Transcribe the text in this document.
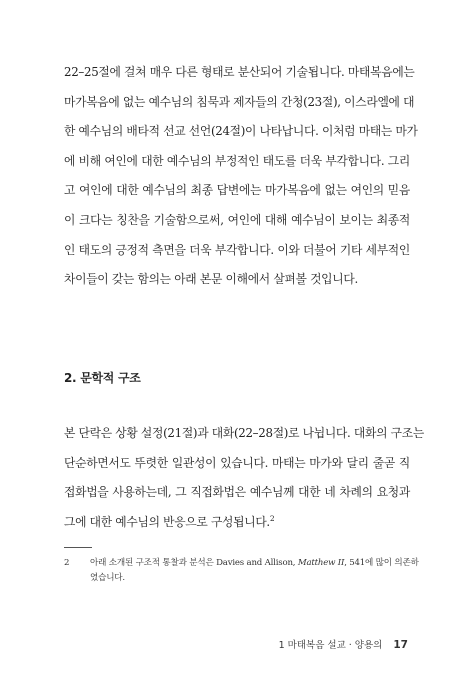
22–25절에 걸쳐 매우 다른 형태로 분산되어 기술됩니다. 마태복음에는
마가복음에 없는 예수님의 침묵과 제자들의 간청(23절), 이스라엘에 대
한 예수님의 배타적 선교 선언(24절)이 나타납니다. 이처럼 마태는 마가
에 비해 여인에 대한 예수님의 부정적인 태도를 더욱 부각합니다. 그리
고 여인에 대한 예수님의 최종 답변에는 마가복음에 없는 여인의 믿음
이 크다는 칭찬을 기술함으로써, 여인에 대해 예수님이 보이는 최종적
인 태도의 긍정적 측면을 더욱 부각합니다. 이와 더불어 기타 세부적인
차이들이 갖는 함의는 아래 본문 이해에서 살펴볼 것입니다.
2. 문학적 구조
본 단락은 상황 설정(21절)과 대화(22–28절)로 나뉩니다. 대화의 구조는
단순하면서도 뚜렷한 일관성이 있습니다. 마태는 마가와 달리 줄곧 직
접화법을 사용하는데, 그 직접화법은 예수님께 대한 네 차례의 요청과
그에 대한 예수님의 반응으로 구성됩니다.$^2$
2 아래 소개된 구조적 통찰과 분석은 Davies and Allison, Matthew II, 541에 많이 의존하
였습니다.
1 마태복음 설교 · 양용의 17
